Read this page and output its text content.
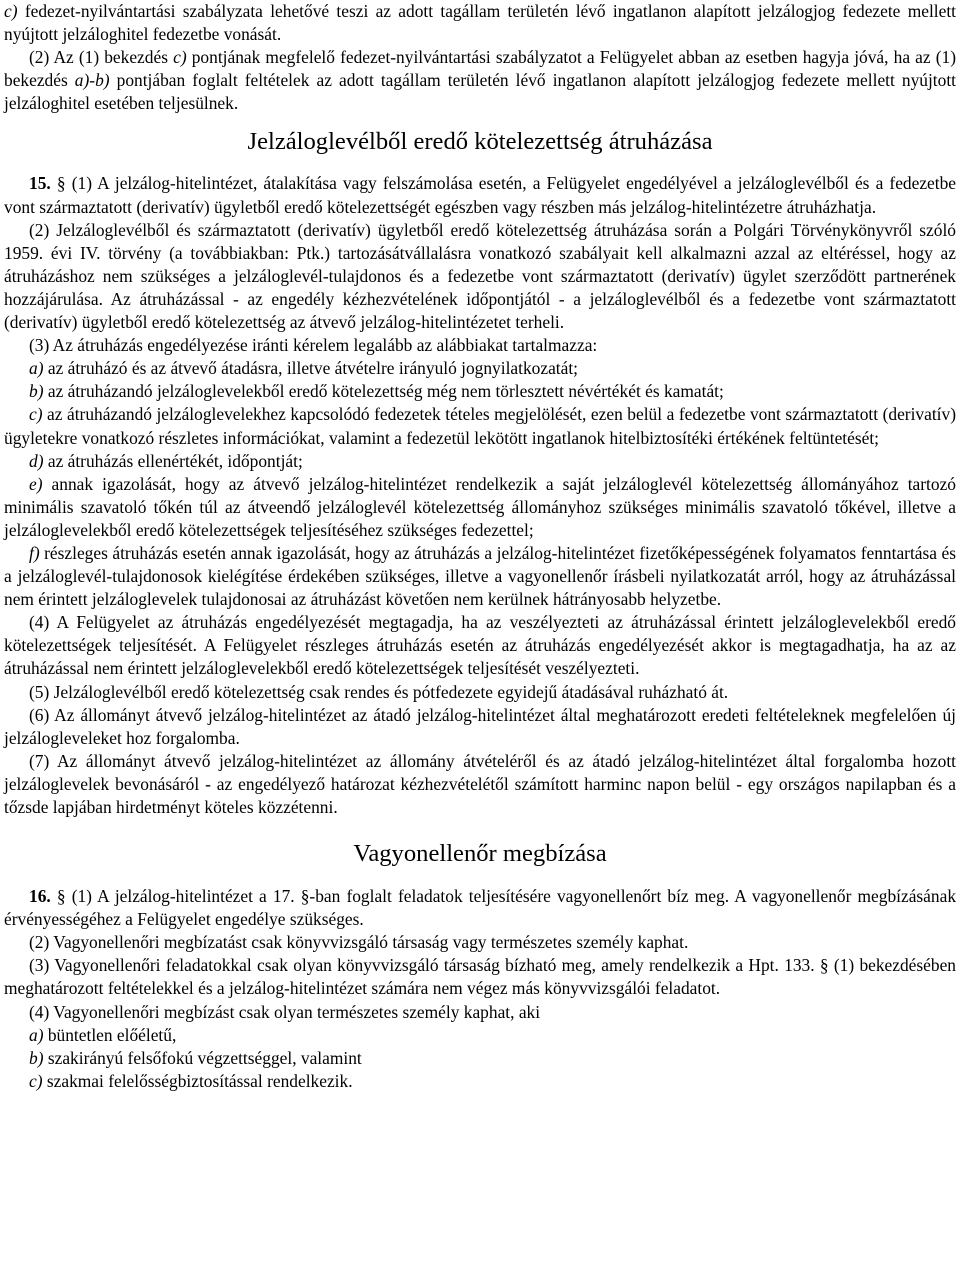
c) fedezet-nyilvántartási szabályzata lehetővé teszi az adott tagállam területén lévő ingatlanon alapított jelzálogjog fedezete mellett nyújtott jelzáloghitel fedezetbe vonását.

(2) Az (1) bekezdés c) pontjának megfelelő fedezet-nyilvántartási szabályzatot a Felügyelet abban az esetben hagyja jóvá, ha az (1) bekezdés a)-b) pontjában foglalt feltételek az adott tagállam területén lévő ingatlanon alapított jelzálogjog fedezete mellett nyújtott jelzáloghitel esetében teljesülnek.

Jelzáloglevélből eredő kötelezettség átruházása

15. § (1) A jelzálog-hitelintézet, átalakítása vagy felszámolása esetén, a Felügyelet engedélyével a jelzáloglevélből és a fedezetbe vont származtatott (derivatív) ügyletből eredő kötelezettségét egészben vagy részben más jelzálog-hitelintézetre átruházhatja.

(2) Jelzáloglevélből és származtatott (derivatív) ügyletből eredő kötelezettség átruházása során a Polgári Törvénykönyvről szóló 1959. évi IV. törvény (a továbbiakban: Ptk.) tartozásátvállalásra vonatkozó szabályait kell alkalmazni azzal az eltéréssel, hogy az átruházáshoz nem szükséges a jelzáloglevél-tulajdonos és a fedezetbe vont származtatott (derivatív) ügylet szerződött partnerének hozzájárulása. Az átruházással - az engedély kézhezvételének időpontjától - a jelzáloglevélből és a fedezetbe vont származtatott (derivatív) ügyletből eredő kötelezettség az átvevő jelzálog-hitelintézetet terheli.

(3) Az átruházás engedélyezése iránti kérelem legalább az alábbiakat tartalmazza:

a) az átruházó és az átvevő átadásra, illetve átvételre irányuló jognyilatkozatát;

b) az átruházandó jelzáloglevelekből eredő kötelezettség még nem törlesztett névértékét és kamatát;

c) az átruházandó jelzáloglevelekhez kapcsolódó fedezetek tételes megjelölését, ezen belül a fedezetbe vont származtatott (derivatív) ügyletekre vonatkozó részletes információkat, valamint a fedezetül lekötött ingatlanok hitelbiztosítéki értékének feltüntetését;

d) az átruházás ellenértékét, időpontját;

e) annak igazolását, hogy az átvevő jelzálog-hitelintézet rendelkezik a saját jelzáloglevél kötelezettség állományához tartozó minimális szavatoló tőkén túl az átveendő jelzáloglevél kötelezettség állományhoz szükséges minimális szavatoló tőkével, illetve a jelzáloglevelekből eredő kötelezettségek teljesítéséhez szükséges fedezettel;

f) részleges átruházás esetén annak igazolását, hogy az átruházás a jelzálog-hitelintézet fizetőképességének folyamatos fenntartása és a jelzáloglevél-tulajdonosok kielégítése érdekében szükséges, illetve a vagyonellenőr írásbeli nyilatkozatát arról, hogy az átruházással nem érintett jelzáloglevelek tulajdonosai az átruházást követően nem kerülnek hátrányosabb helyzetbe.

(4) A Felügyelet az átruházás engedélyezését megtagadja, ha az veszélyezteti az átruházással érintett jelzáloglevelekből eredő kötelezettségek teljesítését. A Felügyelet részleges átruházás esetén az átruházás engedélyezését akkor is megtagadhatja, ha az az átruházással nem érintett jelzáloglevelekből eredő kötelezettségek teljesítését veszélyezteti.

(5) Jelzáloglevélből eredő kötelezettség csak rendes és pótfedezete egyidejű átadásával ruházható át.

(6) Az állományt átvevő jelzálog-hitelintézet az átadó jelzálog-hitelintézet által meghatározott eredeti feltételeknek megfelelően új jelzálogleveleket hoz forgalomba.

(7) Az állományt átvevő jelzálog-hitelintézet az állomány átvételéről és az átadó jelzálog-hitelintézet által forgalomba hozott jelzáloglevelek bevonásáról - az engedélyező határozat kézhezvételétől számított harminc napon belül - egy országos napilapban és a tőzsde lapjában hirdetményt köteles közzétenni.

Vagyonellenőr megbízása

16. § (1) A jelzálog-hitelintézet a 17. §-ban foglalt feladatok teljesítésére vagyonellenőrt bíz meg. A vagyonellenőr megbízásának érvényességéhez a Felügyelet engedélye szükséges.

(2) Vagyonellenőri megbízatást csak könyvvizsgáló társaság vagy természetes személy kaphat.

(3) Vagyonellenőri feladatokkal csak olyan könyvvizsgáló társaság bízható meg, amely rendelkezik a Hpt. 133. § (1) bekezdésében meghatározott feltételekkel és a jelzálog-hitelintézet számára nem végez más könyvvizsgálói feladatot.

(4) Vagyonellenőri megbízást csak olyan természetes személy kaphat, aki

a) büntetlen előéletű,

b) szakirányú felsőfokú végzettséggel, valamint

c) szakmai felelősségbiztosítással rendelkezik.
